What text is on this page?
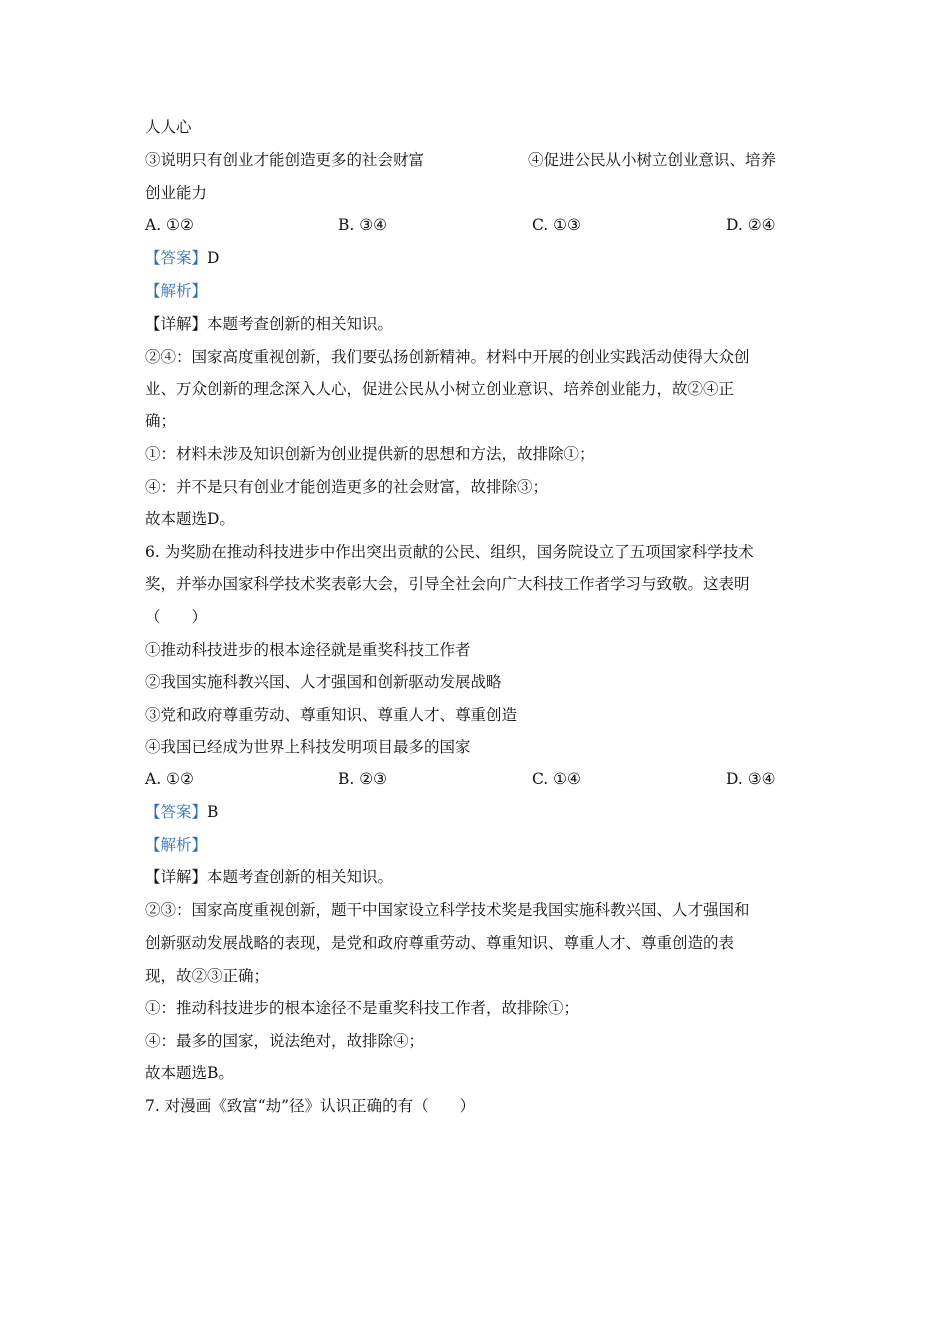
人人心
③说明只有创业才能创造更多的社会财富	④促进公民从小树立创业意识、培养
创业能力
A. ①②	B. ③④	C. ①③	D. ②④
【答案】D
【解析】
【详解】本题考查创新的相关知识。
②④：国家高度重视创新，我们要弘扬创新精神。材料中开展的创业实践活动使得大众创
业、万众创新的理念深入人心，促进公民从小树立创业意识、培养创业能力，故②④正
确；
①：材料未涉及知识创新为创业提供新的思想和方法，故排除①；
④：并不是只有创业才能创造更多的社会财富，故排除③；
故本题选D。
6. 为奖励在推动科技进步中作出突出贡献的公民、组织，国务院设立了五项国家科学技术
奖，并举办国家科学技术奖表彰大会，引导全社会向广大科技工作者学习与致敬。这表明
（　　）
①推动科技进步的根本途径就是重奖科技工作者
②我国实施科教兴国、人才强国和创新驱动发展战略
③党和政府尊重劳动、尊重知识、尊重人才、尊重创造
④我国已经成为世界上科技发明项目最多的国家
A. ①②	B. ②③	C. ①④	D. ③④
【答案】B
【解析】
【详解】本题考查创新的相关知识。
②③：国家高度重视创新，题干中国家设立科学技术奖是我国实施科教兴国、人才强国和
创新驱动发展战略的表现，是党和政府尊重劳动、尊重知识、尊重人才、尊重创造的表
现，故②③正确；
①：推动科技进步的根本途径不是重奖科技工作者，故排除①；
④：最多的国家，说法绝对，故排除④；
故本题选B。
7. 对漫画《致富“劫”径》认识正确的有（　　）
